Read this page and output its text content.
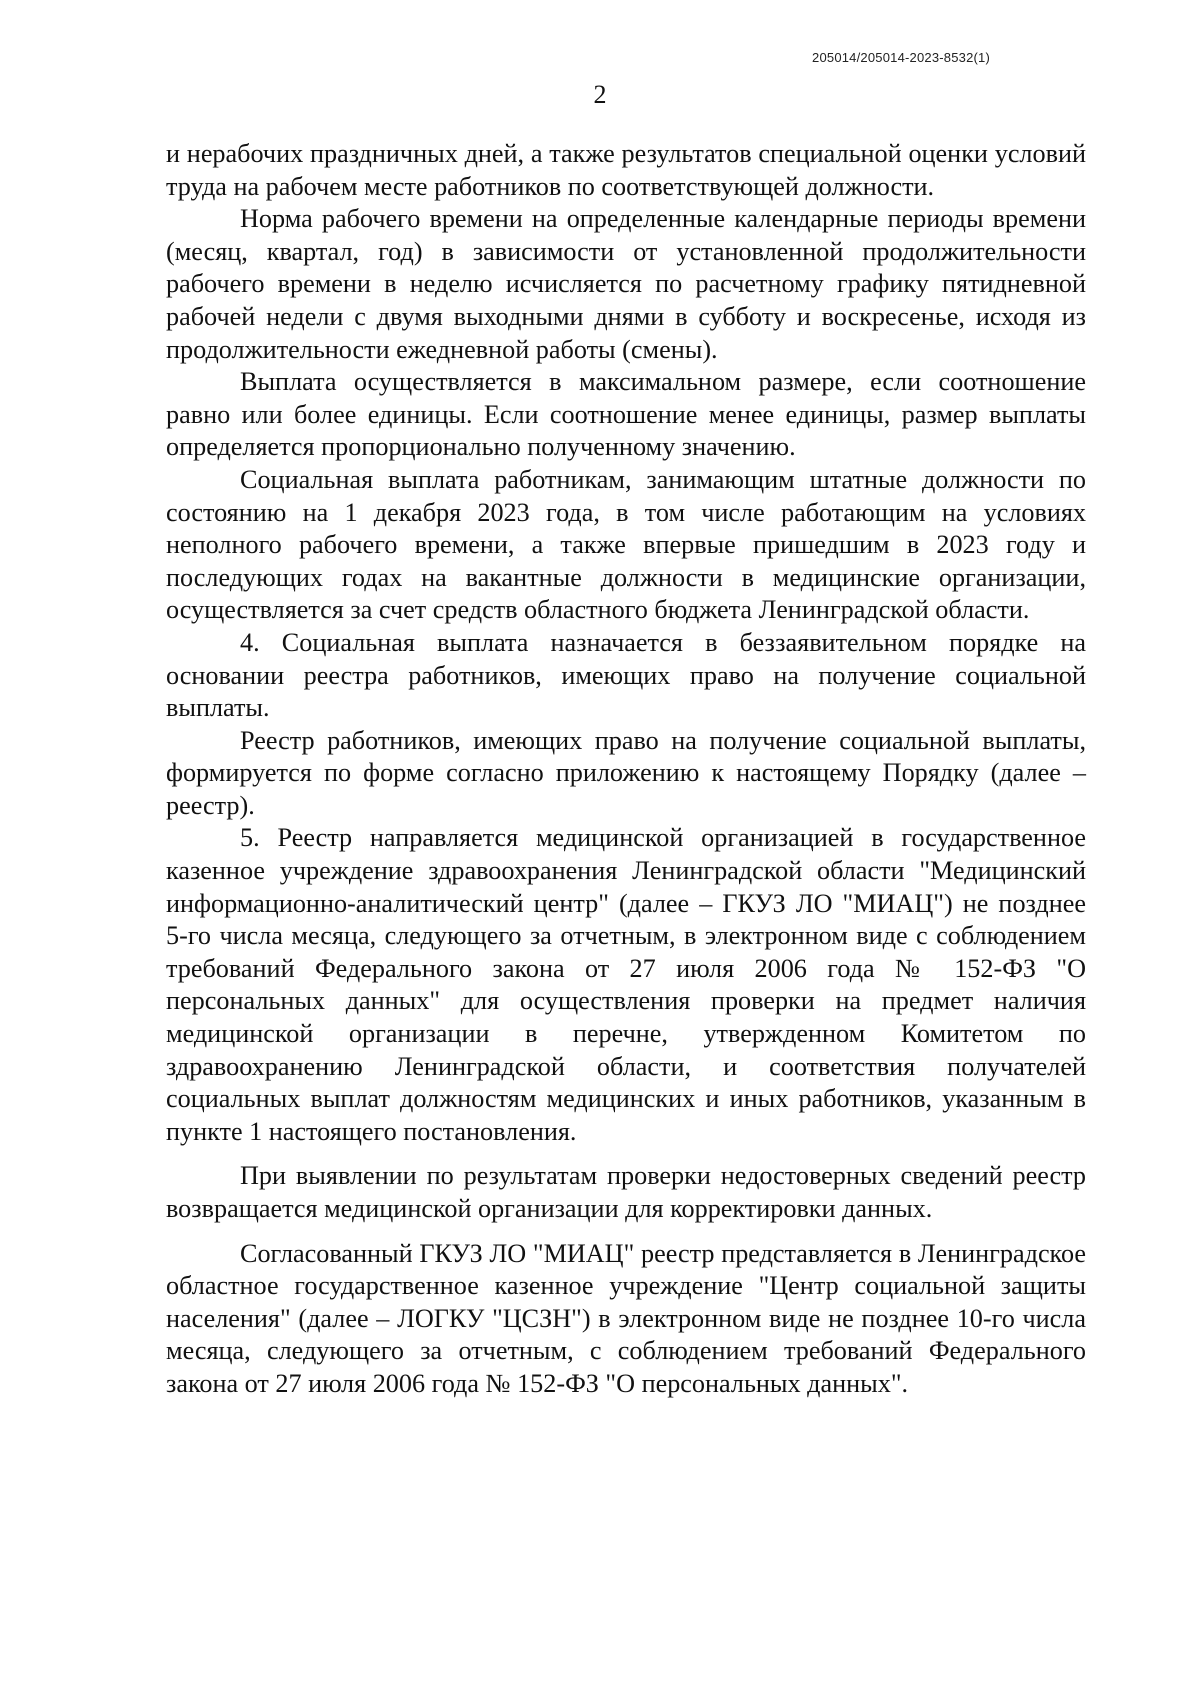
205014/205014-2023-8532(1)
2

и нерабочих праздничных дней, а также результатов специальной оценки условий труда на рабочем месте работников по соответствующей должности.

Норма рабочего времени на определенные календарные периоды времени (месяц, квартал, год) в зависимости от установленной продолжительности рабочего времени в неделю исчисляется по расчетному графику пятидневной рабочей недели с двумя выходными днями в субботу и воскресенье, исходя из продолжительности ежедневной работы (смены).

Выплата осуществляется в максимальном размере, если соотношение равно или более единицы. Если соотношение менее единицы, размер выплаты определяется пропорционально полученному значению.

Социальная выплата работникам, занимающим штатные должности по состоянию на 1 декабря 2023 года, в том числе работающим на условиях неполного рабочего времени, а также впервые пришедшим в 2023 году и последующих годах на вакантные должности в медицинские организации, осуществляется за счет средств областного бюджета Ленинградской области.

4. Социальная выплата назначается в беззаявительном порядке на основании реестра работников, имеющих право на получение социальной выплаты.

Реестр работников, имеющих право на получение социальной выплаты, формируется по форме согласно приложению к настоящему Порядку (далее – реестр).

5. Реестр направляется медицинской организацией в государственное казенное учреждение здравоохранения Ленинградской области "Медицинский информационно-аналитический центр" (далее – ГКУЗ ЛО "МИАЦ") не позднее 5-го числа месяца, следующего за отчетным, в электронном виде с соблюдением требований Федерального закона от 27 июля 2006 года № 152-ФЗ "О персональных данных" для осуществления проверки на предмет наличия медицинской организации в перечне, утвержденном Комитетом по здравоохранению Ленинградской области, и соответствия получателей социальных выплат должностям медицинских и иных работников, указанным в пункте 1 настоящего постановления.

При выявлении по результатам проверки недостоверных сведений реестр возвращается медицинской организации для корректировки данных.

Согласованный ГКУЗ ЛО "МИАЦ" реестр представляется в Ленинградское областное государственное казенное учреждение "Центр социальной защиты населения" (далее – ЛОГКУ "ЦСЗН") в электронном виде не позднее 10-го числа месяца, следующего за отчетным, с соблюдением требований Федерального закона от 27 июля 2006 года № 152-ФЗ "О персональных данных".
